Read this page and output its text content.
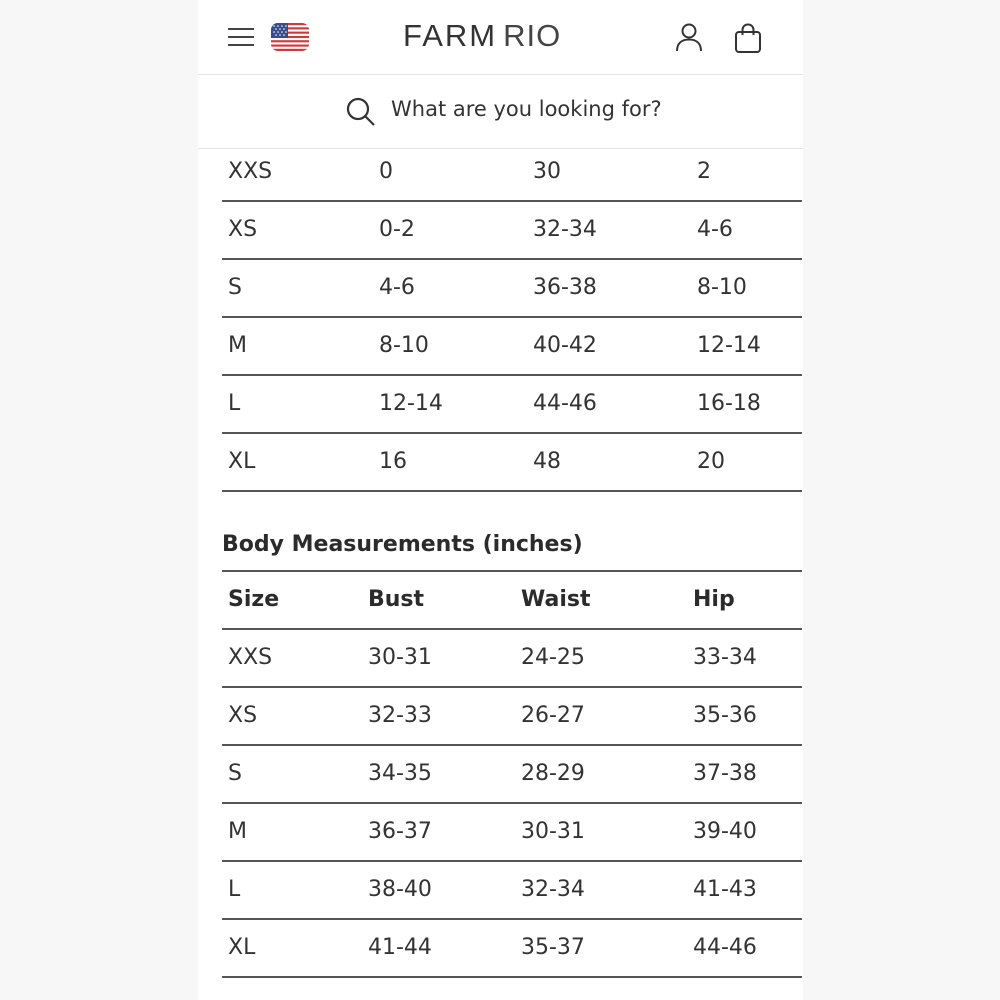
FARM RIO
What are you looking for?
XXS	0	30	2
XS	0-2	32-34	4-6
S	4-6	36-38	8-10
M	8-10	40-42	12-14
L	12-14	44-46	16-18
XL	16	48	20
Body Measurements (inches)
Size	Bust	Waist	Hip
XXS	30-31	24-25	33-34
XS	32-33	26-27	35-36
S	34-35	28-29	37-38
M	36-37	30-31	39-40
L	38-40	32-34	41-43
XL	41-44	35-37	44-46
